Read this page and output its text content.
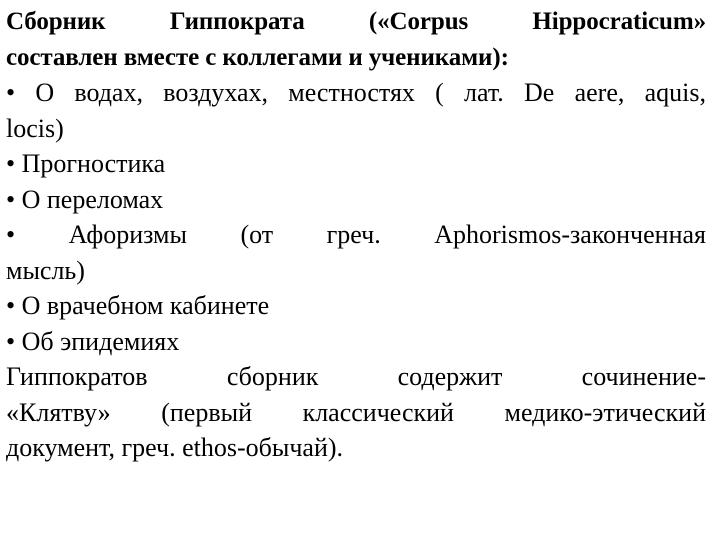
Сборник Гиппократа («Corpus Hippocraticum»
составлен вместе с коллегами и учениками):
• О водах, воздухах, местностях ( лат. De aere, aquis,
locis)
• Прогностика
• О переломах
• Афоризмы (от греч. Aphorismos-законченная
мысль)
• О врачебном кабинете
• Об эпидемиях
Гиппократов сборник содержит сочинение-
«Клятву» (первый классический медико-этический
документ, греч. ethos-обычай).
